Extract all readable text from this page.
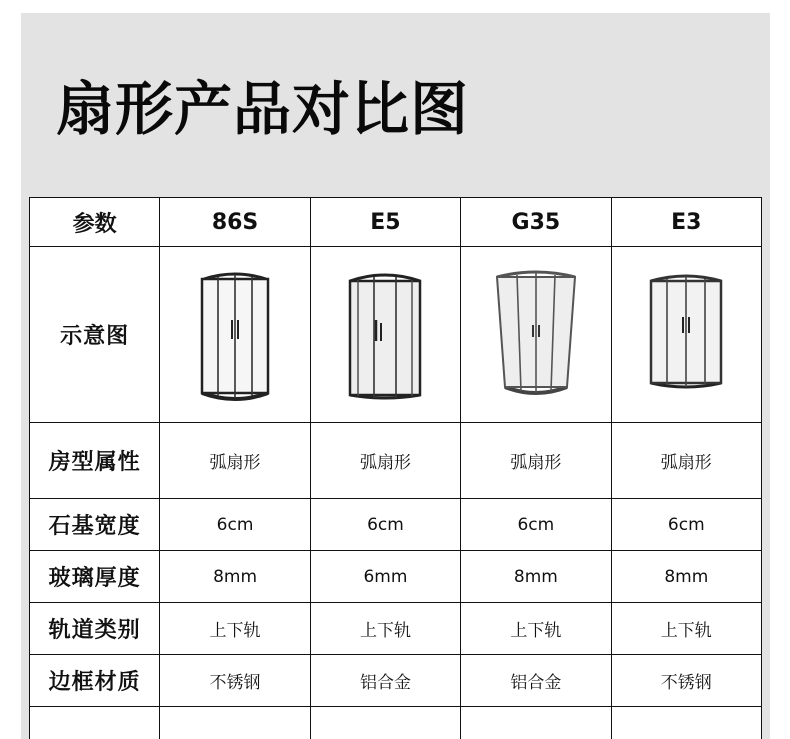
扇形产品对比图
参数	86S	E5	G35	E3
示意图	

房型属性	弧扇形	弧扇形	弧扇形	弧扇形
石基宽度	6cm	6cm	6cm	6cm
玻璃厚度	8mm	6mm	8mm	8mm
轨道类别	上下轨	上下轨	上下轨	上下轨
边框材质	不锈钢	铝合金	铝合金	不锈钢
